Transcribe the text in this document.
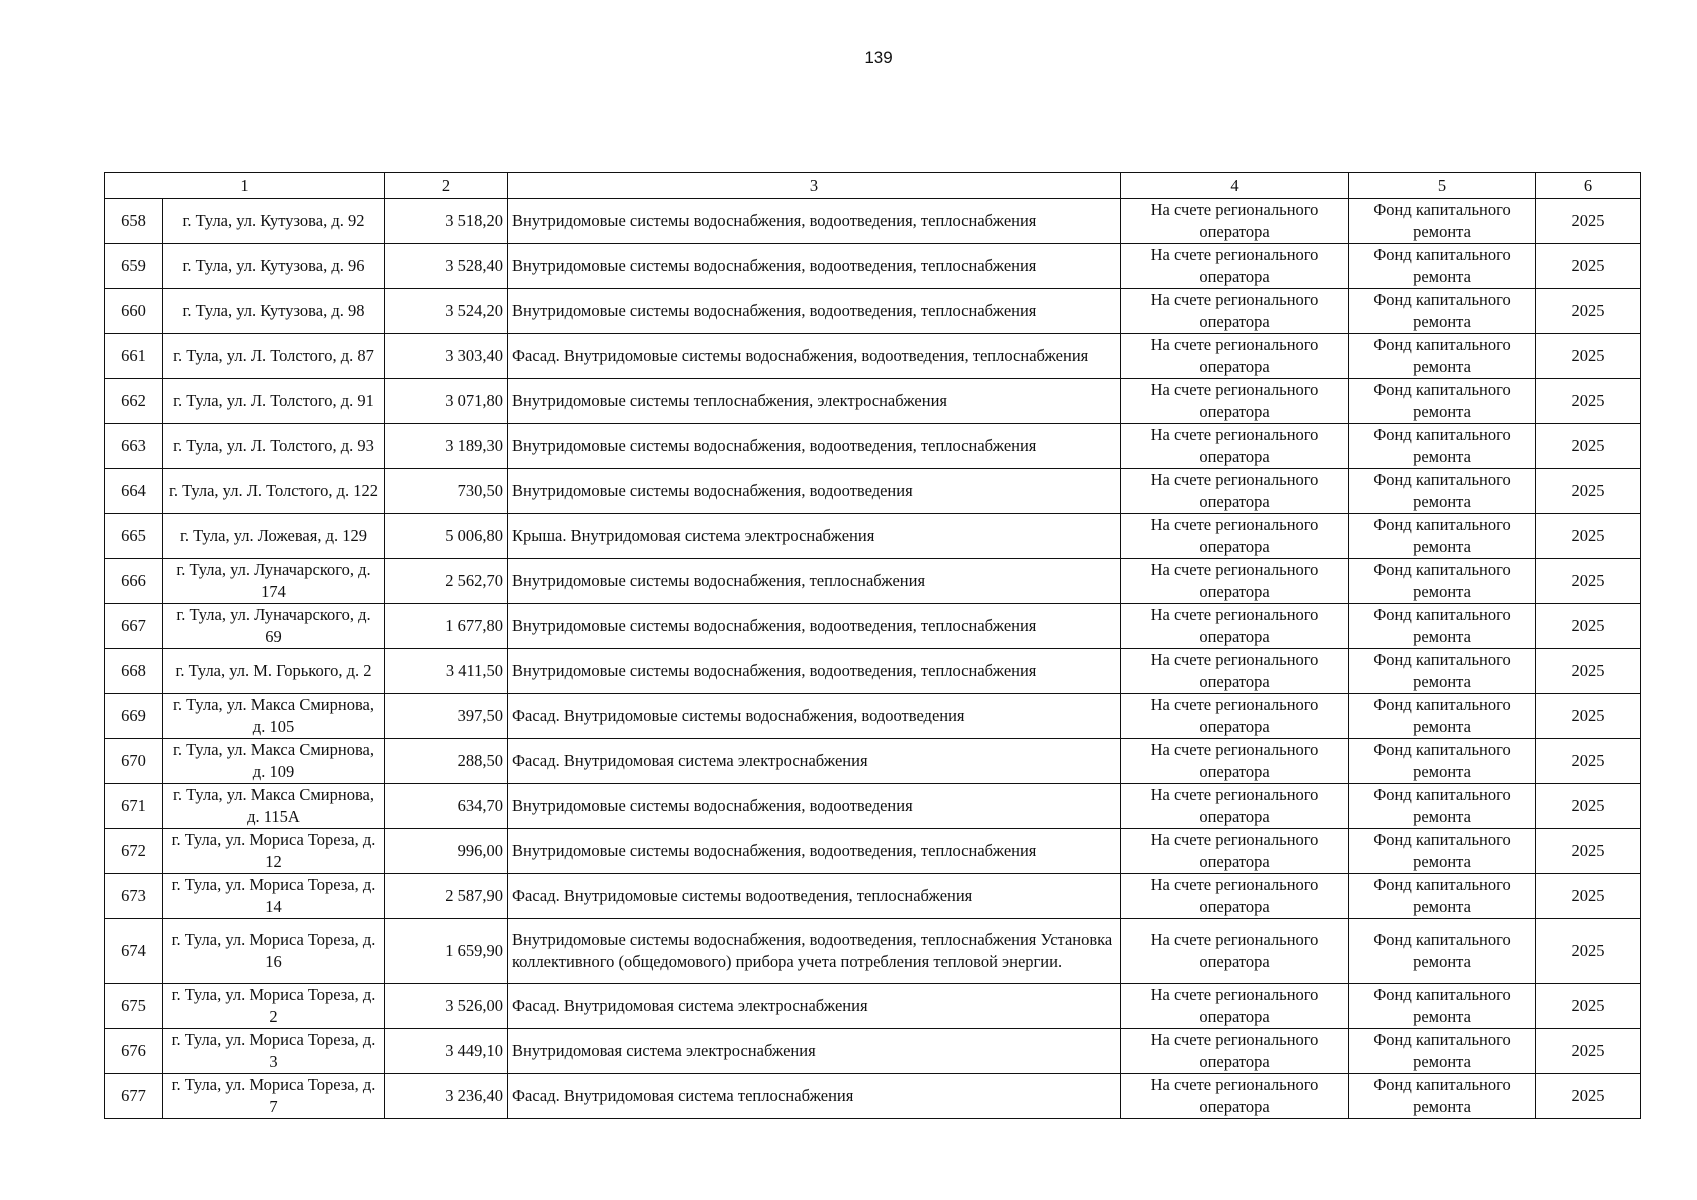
139
1		2	3	4	5	6
658	г. Тула, ул. Кутузова, д. 92	3 518,20	Внутридомовые системы водоснабжения, водоотведения, теплоснабжения	На счете регионального оператора	Фонд капитального ремонта	2025
659	г. Тула, ул. Кутузова, д. 96	3 528,40	Внутридомовые системы водоснабжения, водоотведения, теплоснабжения	На счете регионального оператора	Фонд капитального ремонта	2025
660	г. Тула, ул. Кутузова, д. 98	3 524,20	Внутридомовые системы водоснабжения, водоотведения, теплоснабжения	На счете регионального оператора	Фонд капитального ремонта	2025
661	г. Тула, ул. Л. Толстого, д. 87	3 303,40	Фасад. Внутридомовые системы водоснабжения, водоотведения, теплоснабжения	На счете регионального оператора	Фонд капитального ремонта	2025
662	г. Тула, ул. Л. Толстого, д. 91	3 071,80	Внутридомовые системы теплоснабжения, электроснабжения	На счете регионального оператора	Фонд капитального ремонта	2025
663	г. Тула, ул. Л. Толстого, д. 93	3 189,30	Внутридомовые системы водоснабжения, водоотведения, теплоснабжения	На счете регионального оператора	Фонд капитального ремонта	2025
664	г. Тула, ул. Л. Толстого, д. 122	730,50	Внутридомовые системы водоснабжения, водоотведения	На счете регионального оператора	Фонд капитального ремонта	2025
665	г. Тула, ул. Ложевая, д. 129	5 006,80	Крыша. Внутридомовая система электроснабжения	На счете регионального оператора	Фонд капитального ремонта	2025
666	г. Тула, ул. Луначарского, д. 174	2 562,70	Внутридомовые системы водоснабжения, теплоснабжения	На счете регионального оператора	Фонд капитального ремонта	2025
667	г. Тула, ул. Луначарского, д. 69	1 677,80	Внутридомовые системы водоснабжения, водоотведения, теплоснабжения	На счете регионального оператора	Фонд капитального ремонта	2025
668	г. Тула, ул. М. Горького, д. 2	3 411,50	Внутридомовые системы водоснабжения, водоотведения, теплоснабжения	На счете регионального оператора	Фонд капитального ремонта	2025
669	г. Тула, ул. Макса Смирнова, д. 105	397,50	Фасад. Внутридомовые системы водоснабжения, водоотведения	На счете регионального оператора	Фонд капитального ремонта	2025
670	г. Тула, ул. Макса Смирнова, д. 109	288,50	Фасад. Внутридомовая система электроснабжения	На счете регионального оператора	Фонд капитального ремонта	2025
671	г. Тула, ул. Макса Смирнова, д. 115А	634,70	Внутридомовые системы водоснабжения, водоотведения	На счете регионального оператора	Фонд капитального ремонта	2025
672	г. Тула, ул. Мориса Тореза, д. 12	996,00	Внутридомовые системы водоснабжения, водоотведения, теплоснабжения	На счете регионального оператора	Фонд капитального ремонта	2025
673	г. Тула, ул. Мориса Тореза, д. 14	2 587,90	Фасад. Внутридомовые системы водоотведения, теплоснабжения	На счете регионального оператора	Фонд капитального ремонта	2025
674	г. Тула, ул. Мориса Тореза, д. 16	1 659,90	Внутридомовые системы водоснабжения, водоотведения, теплоснабжения Установка коллективного (общедомового) прибора учета потребления тепловой энергии.	На счете регионального оператора	Фонд капитального ремонта	2025
675	г. Тула, ул. Мориса Тореза, д. 2	3 526,00	Фасад. Внутридомовая система электроснабжения	На счете регионального оператора	Фонд капитального ремонта	2025
676	г. Тула, ул. Мориса Тореза, д. 3	3 449,10	Внутридомовая система электроснабжения	На счете регионального оператора	Фонд капитального ремонта	2025
677	г. Тула, ул. Мориса Тореза, д. 7	3 236,40	Фасад. Внутридомовая система теплоснабжения	На счете регионального оператора	Фонд капитального ремонта	2025
